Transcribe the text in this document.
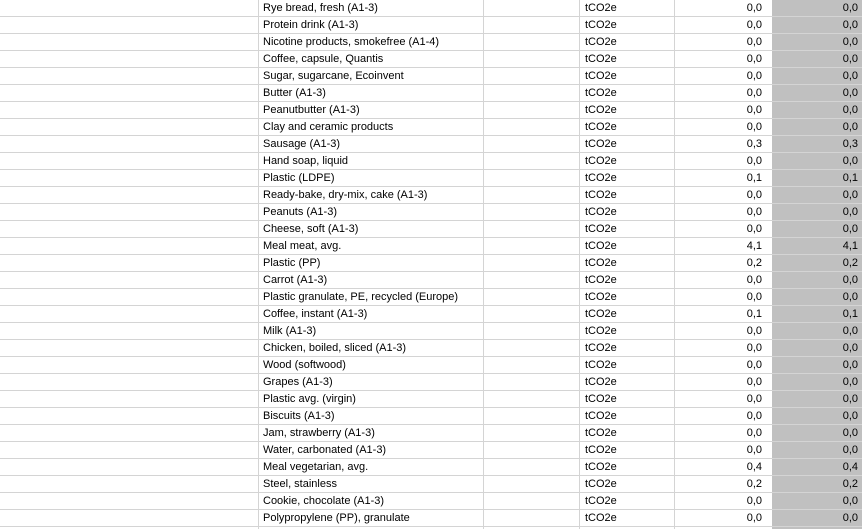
Rye bread, fresh (A1-3)	tCO2e	0,0	0,0
Protein drink (A1-3)	tCO2e	0,0	0,0
Nicotine products, smokefree (A1-4)	tCO2e	0,0	0,0
Coffee, capsule, Quantis	tCO2e	0,0	0,0
Sugar, sugarcane, Ecoinvent	tCO2e	0,0	0,0
Butter (A1-3)	tCO2e	0,0	0,0
Peanutbutter (A1-3)	tCO2e	0,0	0,0
Clay and ceramic products	tCO2e	0,0	0,0
Sausage (A1-3)	tCO2e	0,3	0,3
Hand soap, liquid	tCO2e	0,0	0,0
Plastic (LDPE)	tCO2e	0,1	0,1
Ready-bake, dry-mix, cake (A1-3)	tCO2e	0,0	0,0
Peanuts (A1-3)	tCO2e	0,0	0,0
Cheese, soft (A1-3)	tCO2e	0,0	0,0
Meal meat, avg.	tCO2e	4,1	4,1
Plastic (PP)	tCO2e	0,2	0,2
Carrot (A1-3)	tCO2e	0,0	0,0
Plastic granulate, PE, recycled (Europe)	tCO2e	0,0	0,0
Coffee, instant (A1-3)	tCO2e	0,1	0,1
Milk (A1-3)	tCO2e	0,0	0,0
Chicken, boiled, sliced (A1-3)	tCO2e	0,0	0,0
Wood (softwood)	tCO2e	0,0	0,0
Grapes (A1-3)	tCO2e	0,0	0,0
Plastic avg. (virgin)	tCO2e	0,0	0,0
Biscuits (A1-3)	tCO2e	0,0	0,0
Jam, strawberry (A1-3)	tCO2e	0,0	0,0
Water, carbonated (A1-3)	tCO2e	0,0	0,0
Meal vegetarian, avg.	tCO2e	0,4	0,4
Steel, stainless	tCO2e	0,2	0,2
Cookie, chocolate (A1-3)	tCO2e	0,0	0,0
Polypropylene (PP), granulate	tCO2e	0,0	0,0
